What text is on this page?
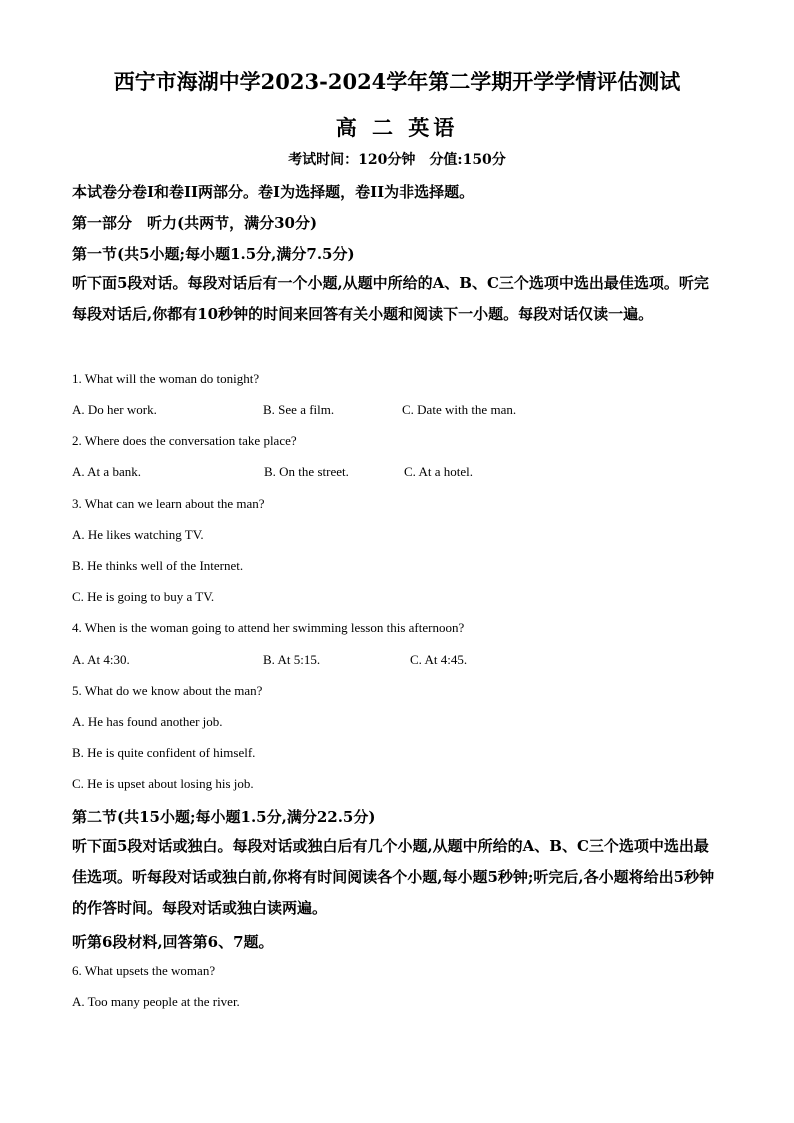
西宁市海湖中学2023-2024学年第二学期开学学情评估测试
高 二 英语
考试时间：120分钟　分值:150分
本试卷分卷I和卷II两部分。卷I为选择题，卷II为非选择题。
第一部分　听力(共两节，满分30分)
第一节(共5小题;每小题1.5分,满分7.5分)
听下面5段对话。每段对话后有一个小题,从题中所给的A、B、C三个选项中选出最佳选项。听完每段对话后,你都有10秒钟的时间来回答有关小题和阅读下一小题。每段对话仅读一遍。
1. What will the woman do tonight?
A. Do her work.	B. See a film.	C. Date with the man.
2. Where does the conversation take place?
A. At a bank.	B. On the street.	C. At a hotel.
3. What can we learn about the man?
A. He likes watching TV.
B. He thinks well of the Internet.
C. He is going to buy a TV.
4. When is the woman going to attend her swimming lesson this afternoon?
A. At 4:30.	B. At 5:15.	C. At 4:45.
5. What do we know about the man?
A. He has found another job.
B. He is quite confident of himself.
C. He is upset about losing his job.
第二节(共15小题;每小题1.5分,满分22.5分)
听下面5段对话或独白。每段对话或独白后有几个小题,从题中所给的A、B、C三个选项中选出最佳选项。听每段对话或独白前,你将有时间阅读各个小题,每小题5秒钟;听完后,各小题将给出5秒钟的作答时间。每段对话或独白读两遍。
听第6段材料,回答第6、7题。
6. What upsets the woman?
A. Too many people at the river.
